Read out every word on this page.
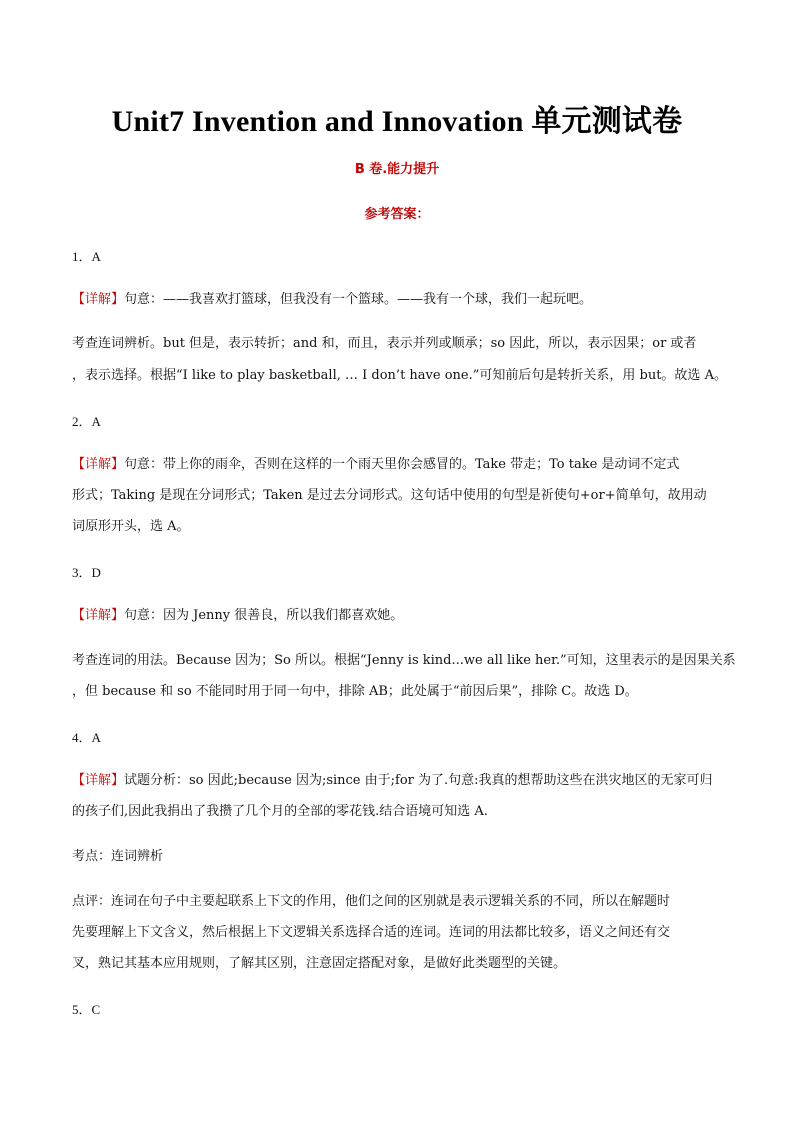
Unit7 Invention and Innovation 单元测试卷
B 卷.能力提升
参考答案：
1．A
【详解】句意：——我喜欢打篮球，但我没有一个篮球。——我有一个球，我们一起玩吧。
考查连词辨析。but 但是，表示转折；and 和，而且，表示并列或顺承；so 因此，所以，表示因果；or 或者
，表示选择。根据“I like to play basketball, … I don’t have one.”可知前后句是转折关系，用 but。故选 A。
2．A
【详解】句意：带上你的雨伞，否则在这样的一个雨天里你会感冒的。Take 带走；To take 是动词不定式
形式；Taking 是现在分词形式；Taken 是过去分词形式。这句话中使用的句型是祈使句+or+简单句，故用动
词原形开头，选 A。
3．D
【详解】句意：因为 Jenny 很善良，所以我们都喜欢她。
考查连词的用法。Because 因为；So 所以。根据“Jenny is kind...we all like her.”可知，这里表示的是因果关系
，但 because 和 so 不能同时用于同一句中，排除 AB；此处属于“前因后果”，排除 C。故选 D。
4．A
【详解】试题分析：so 因此;because 因为;since 由于;for 为了.句意:我真的想帮助这些在洪灾地区的无家可归
的孩子们,因此我捐出了我攒了几个月的全部的零花钱.结合语境可知选 A.
考点：连词辨析
点评：连词在句子中主要起联系上下文的作用，他们之间的区别就是表示逻辑关系的不同，所以在解题时
先要理解上下文含义，然后根据上下文逻辑关系选择合适的连词。连词的用法都比较多，语义之间还有交
叉，熟记其基本应用规则，了解其区别，注意固定搭配对象，是做好此类题型的关键。
5．C
